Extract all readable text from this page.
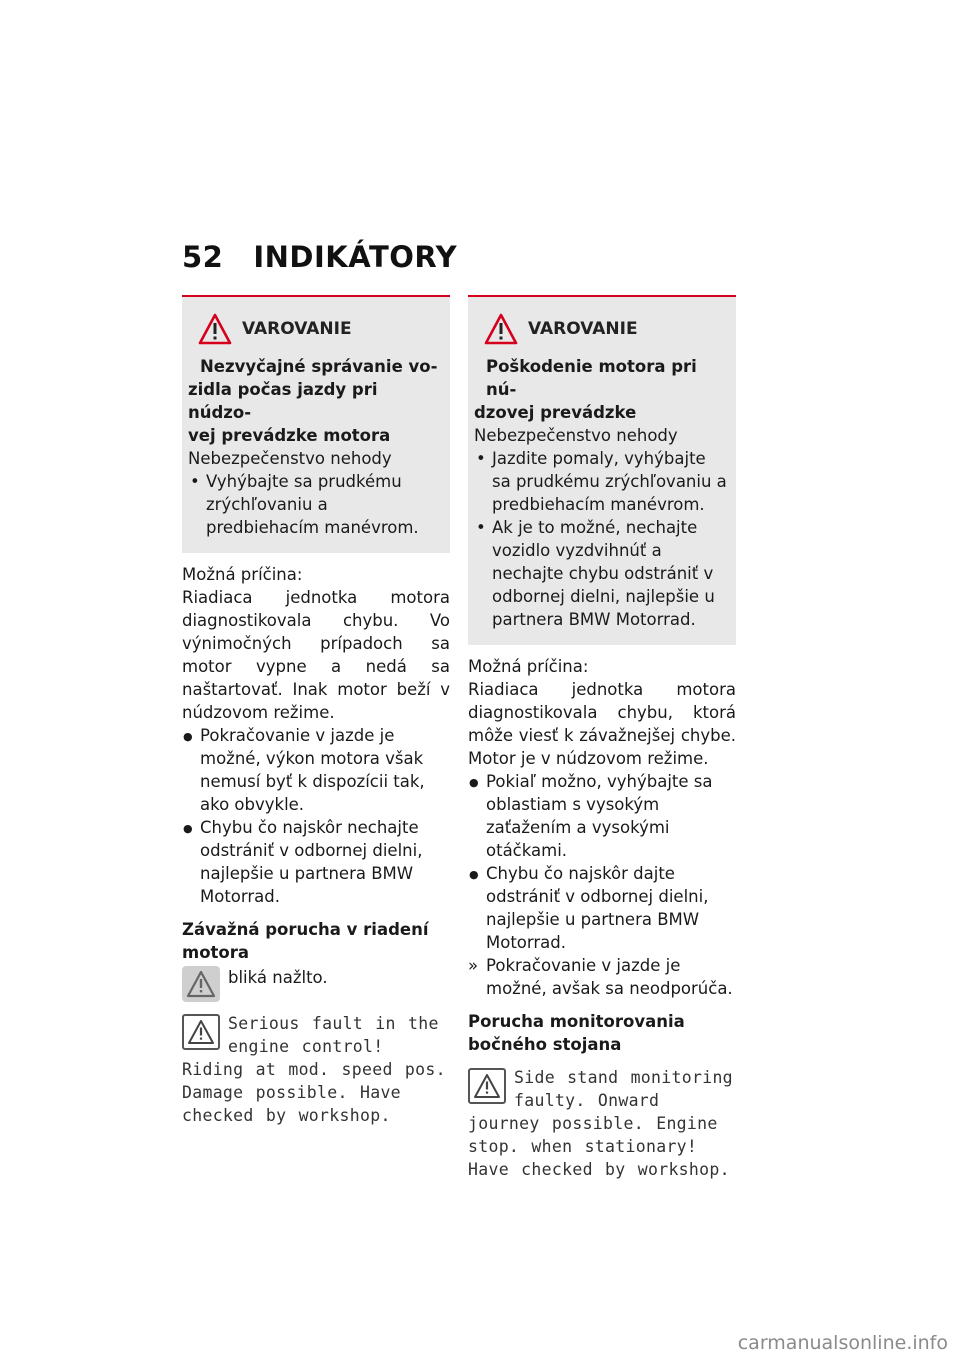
52 INDIKÁTORY
VAROVANIE
Nezvyčajné správanie vo-
zidla počas jazdy pri núdzo-
vej prevádzke motora
Nebezpečenstvo nehody
• Vyhýbajte sa prudkému zrýchľovaniu a predbiehacím manévrom.

Možná príčina:

Riadiaca jednotka motora diagnostikovala chybu. Vo výnimočných prípadoch sa motor vypne a nedá sa naštartovať. Inak motor beží v núdzovom režime.

● Pokračovanie v jazde je možné, výkon motora však nemusí byť k dispozícii tak, ako obvykle.
● Chybu čo najskôr nechajte odstrániť v odbornej dielni, najlepšie u partnera BMW Motorrad.
Závažná porucha v riadení motora
bliká nažlto.
Serious fault in the engine control! Riding at mod. speed pos. Damage possible. Have checked by workshop.
VAROVANIE
Poškodenie motora pri nú-
dzovej prevádzke
Nebezpečenstvo nehody
• Jazdite pomaly, vyhýbajte sa prudkému zrýchľovaniu a predbiehacím manévrom.
• Ak je to možné, nechajte vozidlo vyzdvihnúť a nechajte chybu odstrániť v odbornej dielni, najlepšie u partnera BMW Motorrad.

Možná príčina:

Riadiaca jednotka motora diagnostikovala chybu, ktorá môže viesť k závažnejšej chybe. Motor je v núdzovom režime.

● Pokiaľ možno, vyhýbajte sa oblastiam s vysokým zaťažením a vysokými otáčkami.
● Chybu čo najskôr dajte odstrániť v odbornej dielni, najlepšie u partnera BMW Motorrad.
» Pokračovanie v jazde je možné, avšak sa neodporúča.
Porucha monitorovania bočného stojana
Side stand monitoring faulty. Onward journey possible. Engine stop. when stationary! Have checked by workshop.
carmanualsonline.info
